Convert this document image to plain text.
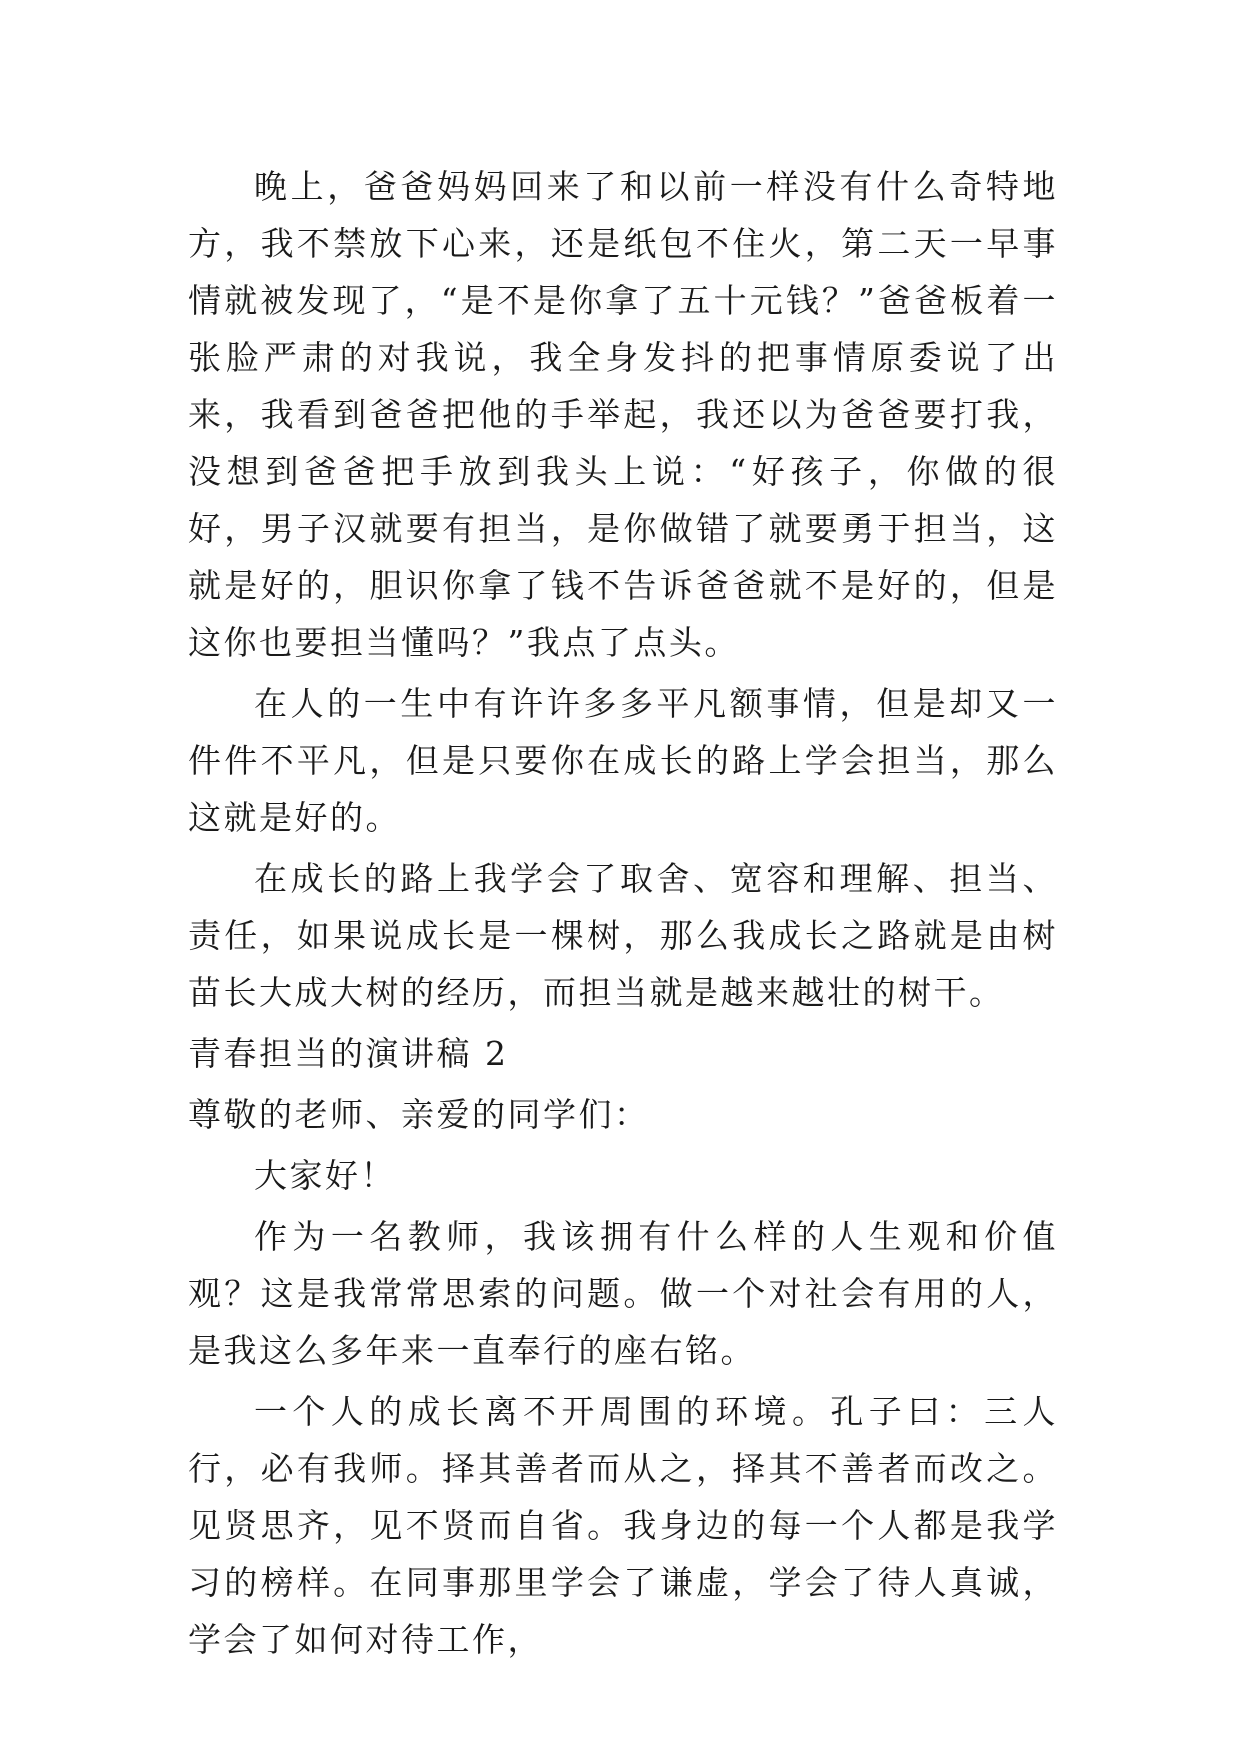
晚上，爸爸妈妈回来了和以前一样没有什么奇特地方，我不禁放下心来，还是纸包不住火，第二天一早事情就被发现了，“是不是你拿了五十元钱？”爸爸板着一张脸严肃的对我说，我全身发抖的把事情原委说了出来，我看到爸爸把他的手举起，我还以为爸爸要打我，没想到爸爸把手放到我头上说：“好孩子，你做的很好，男子汉就要有担当，是你做错了就要勇于担当，这就是好的，胆识你拿了钱不告诉爸爸就不是好的，但是这你也要担当懂吗？”我点了点头。

在人的一生中有许许多多平凡额事情，但是却又一件件不平凡，但是只要你在成长的路上学会担当，那么这就是好的。

在成长的路上我学会了取舍、宽容和理解、担当、责任，如果说成长是一棵树，那么我成长之路就是由树苗长大成大树的经历，而担当就是越来越壮的树干。

青春担当的演讲稿 2

尊敬的老师、亲爱的同学们：

大家好！

作为一名教师，我该拥有什么样的人生观和价值观？这是我常常思索的问题。做一个对社会有用的人，是我这么多年来一直奉行的座右铭。

一个人的成长离不开周围的环境。孔子曰：三人行，必有我师。择其善者而从之，择其不善者而改之。见贤思齐，见不贤而自省。我身边的每一个人都是我学习的榜样。在同事那里学会了谦虚，学会了待人真诚，学会了如何对待工作，
